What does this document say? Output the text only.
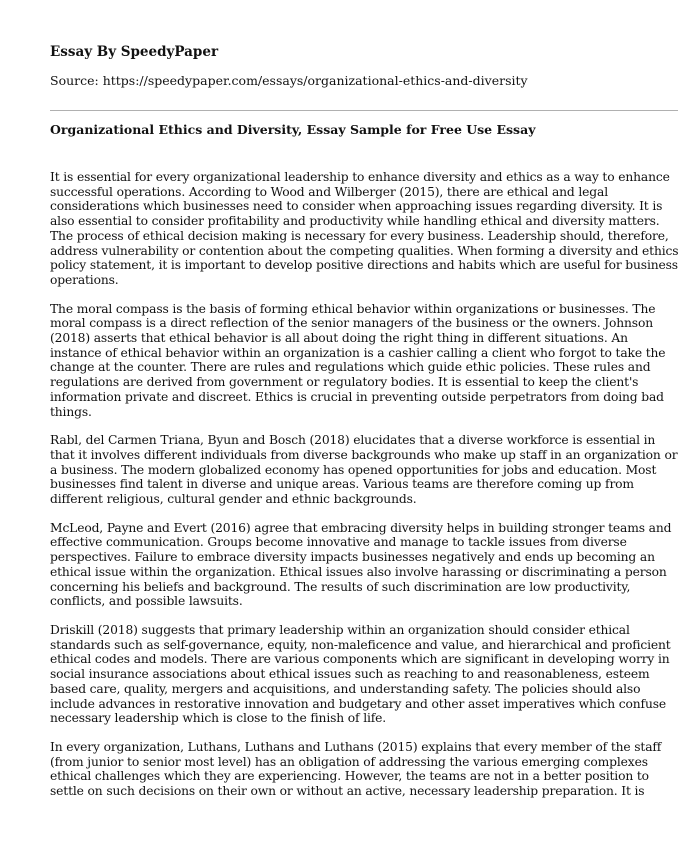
Essay By SpeedyPaper

Source: https://speedypaper.com/essays/organizational-ethics-and-diversity

Organizational Ethics and Diversity, Essay Sample for Free Use Essay

It is essential for every organizational leadership to enhance diversity and ethics as a way to enhance successful operations. According to Wood and Wilberger (2015), there are ethical and legal considerations which businesses need to consider when approaching issues regarding diversity. It is also essential to consider profitability and productivity while handling ethical and diversity matters. The process of ethical decision making is necessary for every business. Leadership should, therefore, address vulnerability or contention about the competing qualities. When forming a diversity and ethics policy statement, it is important to develop positive directions and habits which are useful for business operations.

The moral compass is the basis of forming ethical behavior within organizations or businesses. The moral compass is a direct reflection of the senior managers of the business or the owners. Johnson (2018) asserts that ethical behavior is all about doing the right thing in different situations. An instance of ethical behavior within an organization is a cashier calling a client who forgot to take the change at the counter. There are rules and regulations which guide ethic policies. These rules and regulations are derived from government or regulatory bodies. It is essential to keep the client's information private and discreet. Ethics is crucial in preventing outside perpetrators from doing bad things.

Rabl, del Carmen Triana, Byun and Bosch (2018) elucidates that a diverse workforce is essential in that it involves different individuals from diverse backgrounds who make up staff in an organization or a business. The modern globalized economy has opened opportunities for jobs and education. Most businesses find talent in diverse and unique areas. Various teams are therefore coming up from different religious, cultural gender and ethnic backgrounds.

McLeod, Payne and Evert (2016) agree that embracing diversity helps in building stronger teams and effective communication. Groups become innovative and manage to tackle issues from diverse perspectives. Failure to embrace diversity impacts businesses negatively and ends up becoming an ethical issue within the organization. Ethical issues also involve harassing or discriminating a person concerning his beliefs and background. The results of such discrimination are low productivity, conflicts, and possible lawsuits.

Driskill (2018) suggests that primary leadership within an organization should consider ethical standards such as self-governance, equity, non-maleficence and value, and hierarchical and proficient ethical codes and models. There are various components which are significant in developing worry in social insurance associations about ethical issues such as reaching to and reasonableness, esteem based care, quality, mergers and acquisitions, and understanding safety. The policies should also include advances in restorative innovation and budgetary and other asset imperatives which confuse necessary leadership which is close to the finish of life.

In every organization, Luthans, Luthans and Luthans (2015) explains that every member of the staff (from junior to senior most level) has an obligation of addressing the various emerging complexes ethical challenges which they are experiencing. However, the teams are not in a better position to settle on such decisions on their own or without an active, necessary leadership preparation. It is
